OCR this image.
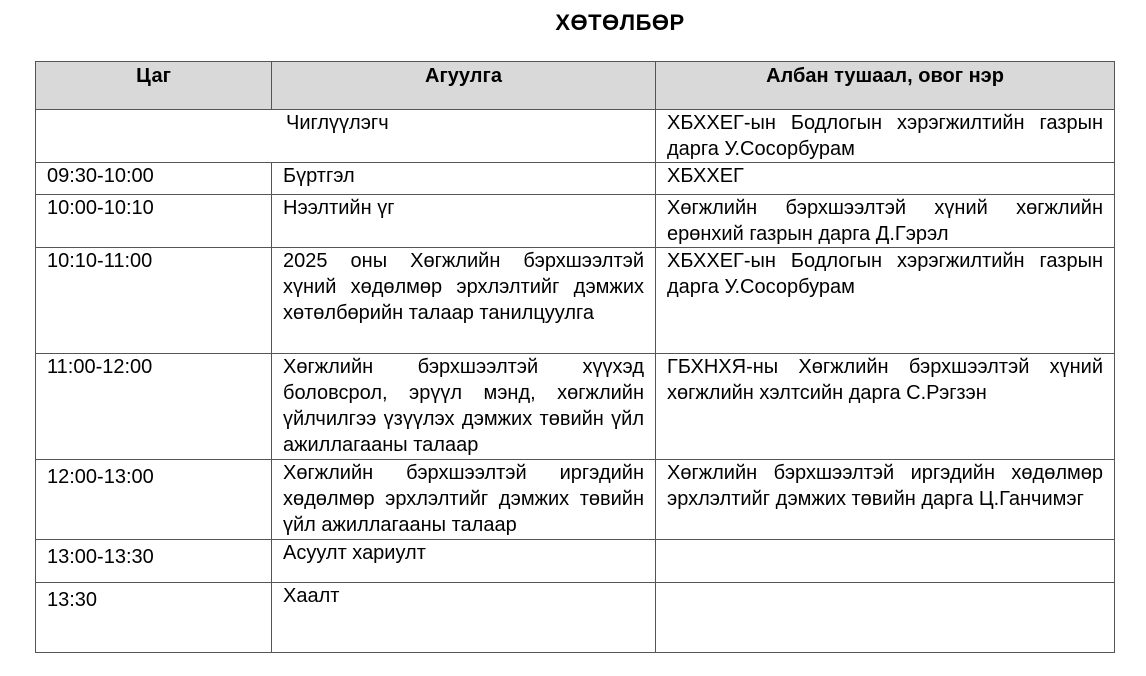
ХӨТӨЛБӨР
Цаг	Агуулга	Албан тушаал, овог нэр
Чиглүүлэгч		ХБХХЕГ-ын Бодлогын хэрэгжилтийн газрын дарга У.Сосорбурам
09:30-10:00	Бүртгэл	ХБХХЕГ
10:00-10:10	Нээлтийн үг	Хөгжлийн бэрхшээлтэй хүний хөгжлийн ерөнхий газрын дарга Д.Гэрэл
10:10-11:00	2025 оны Хөгжлийн бэрхшээлтэй хүний хөдөлмөр эрхлэлтийг дэмжих хөтөлбөрийн талаар танилцуулга	ХБХХЕГ-ын Бодлогын хэрэгжилтийн газрын дарга У.Сосорбурам
11:00-12:00	Хөгжлийн бэрхшээлтэй хүүхэд боловсрол, эрүүл мэнд, хөгжлийн үйлчилгээ үзүүлэх дэмжих төвийн үйл ажиллагааны талаар	ГБХНХЯ-ны Хөгжлийн бэрхшээлтэй хүний хөгжлийн хэлтсийн дарга С.Рэгзэн
12:00-13:00	Хөгжлийн бэрхшээлтэй иргэдийн хөдөлмөр эрхлэлтийг дэмжих төвийн үйл ажиллагааны талаар	Хөгжлийн бэрхшээлтэй иргэдийн хөдөлмөр эрхлэлтийг дэмжих төвийн дарга Ц.Ганчимэг
13:00-13:30	Асуулт хариулт	
13:30	Хаалт	
